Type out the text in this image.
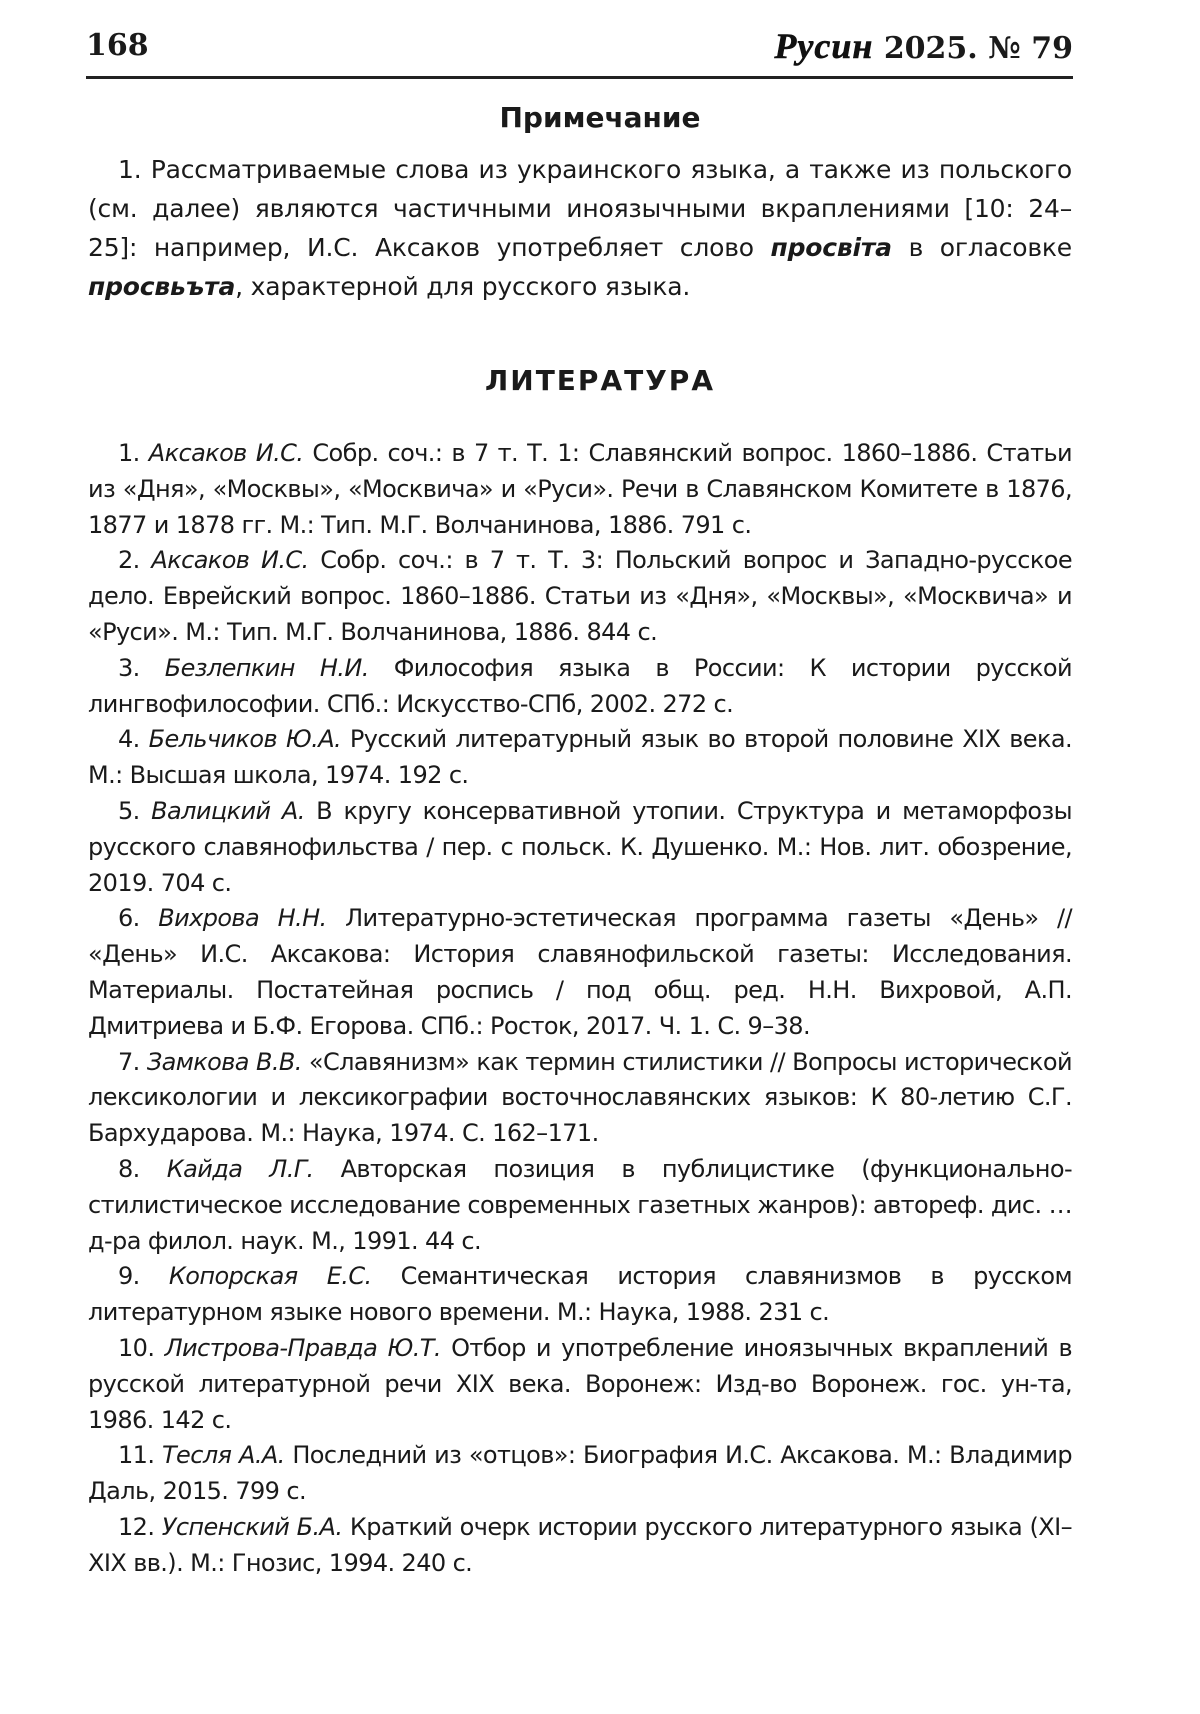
168	Русин 2025. № 79
Примечание

1. Рассматриваемые слова из украинского языка, а также из польского (см. далее) являются частичными иноязычными вкраплениями [10: 24–25]: например, И.С. Аксаков употребляет слово просвіта в огласовке просвьъта, характерной для русского языка.

ЛИТЕРАТУРА
1. Аксаков И.С. Собр. соч.: в 7 т. Т. 1: Славянский вопрос. 1860–1886. Статьи из «Дня», «Москвы», «Москвича» и «Руси». Речи в Славянском Комитете в 1876, 1877 и 1878 гг. М.: Тип. М.Г. Волчанинова, 1886. 791 с.
2. Аксаков И.С. Собр. соч.: в 7 т. Т. 3: Польский вопрос и Западно-русское дело. Еврейский вопрос. 1860–1886. Статьи из «Дня», «Москвы», «Москвича» и «Руси». М.: Тип. М.Г. Волчанинова, 1886. 844 с.
3. Безлепкин Н.И. Философия языка в России: К истории русской лингвофилософии. СПб.: Искусство-СПб, 2002. 272 с.
4. Бельчиков Ю.А. Русский литературный язык во второй половине XIX века. М.: Высшая школа, 1974. 192 с.
5. Валицкий А. В кругу консервативной утопии. Структура и метаморфозы русского славянофильства / пер. с польск. К. Душенко. М.: Нов. лит. обозрение, 2019. 704 с.
6. Вихрова Н.Н. Литературно-эстетическая программа газеты «День» // «День» И.С. Аксакова: История славянофильской газеты: Исследования. Материалы. Постатейная роспись / под общ. ред. Н.Н. Вихровой, А.П. Дмитриева и Б.Ф. Егорова. СПб.: Росток, 2017. Ч. 1. С. 9–38.
7. Замкова В.В. «Славянизм» как термин стилистики // Вопросы исторической лексикологии и лексикографии восточнославянских языков: К 80-летию С.Г. Бархударова. М.: Наука, 1974. С. 162–171.
8. Кайда Л.Г. Авторская позиция в публицистике (функционально-стилистическое исследование современных газетных жанров): автореф. дис. … д-ра филол. наук. М., 1991. 44 с.
9. Копорская Е.С. Семантическая история славянизмов в русском литературном языке нового времени. М.: Наука, 1988. 231 с.
10. Листрова-Правда Ю.Т. Отбор и употребление иноязычных вкраплений в русской литературной речи XIX века. Воронеж: Изд-во Воронеж. гос. ун-та, 1986. 142 с.
11. Тесля А.А. Последний из «отцов»: Биография И.С. Аксакова. М.: Владимир Даль, 2015. 799 с.
12. Успенский Б.А. Краткий очерк истории русского литературного языка (XI–XIX вв.). М.: Гнозис, 1994. 240 с.
